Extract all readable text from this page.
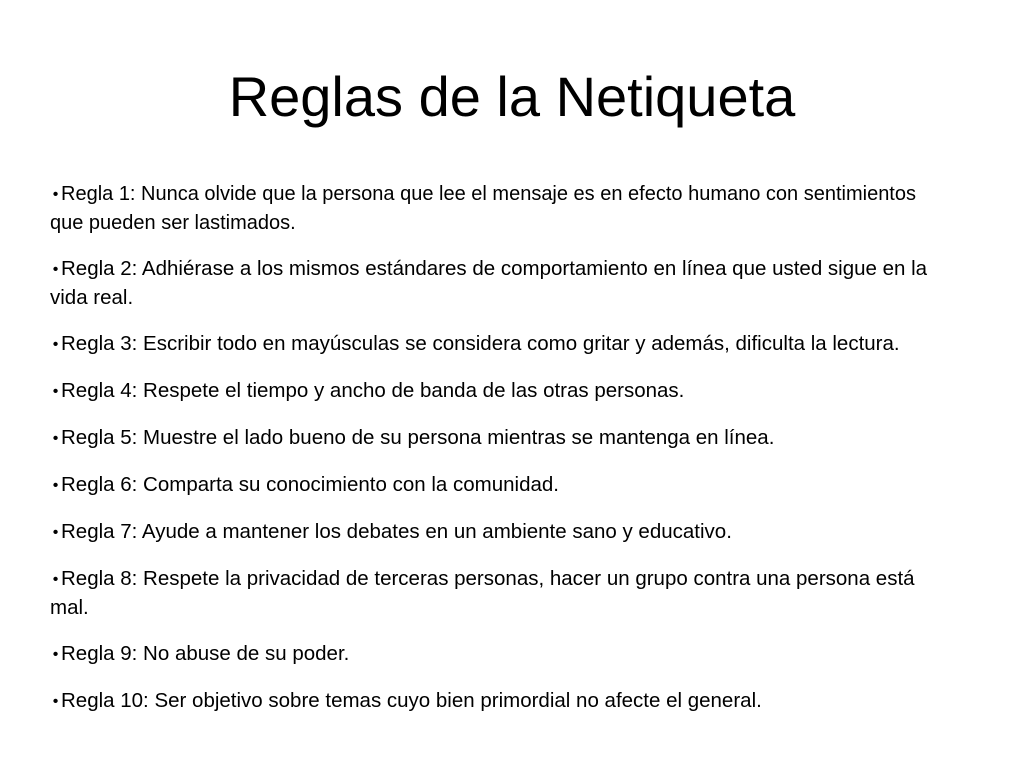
Reglas de la Netiqueta
• Regla 1: Nunca olvide que la persona que lee el mensaje es en efecto humano con sentimientos que pueden ser lastimados.
• Regla 2: Adhiérase a los mismos estándares de comportamiento en línea que usted sigue en la vida real.
• Regla 3: Escribir todo en mayúsculas se considera como gritar y además, dificulta la lectura.
• Regla 4: Respete el tiempo y ancho de banda de las otras personas.
• Regla 5: Muestre el lado bueno de su persona mientras se mantenga en línea.
• Regla 6: Comparta su conocimiento con la comunidad.
• Regla 7: Ayude a mantener los debates en un ambiente sano y educativo.
• Regla 8: Respete la privacidad de terceras personas, hacer un grupo contra una persona está mal.
• Regla 9: No abuse de su poder.
• Regla 10: Ser objetivo sobre temas cuyo bien primordial no afecte el general.
